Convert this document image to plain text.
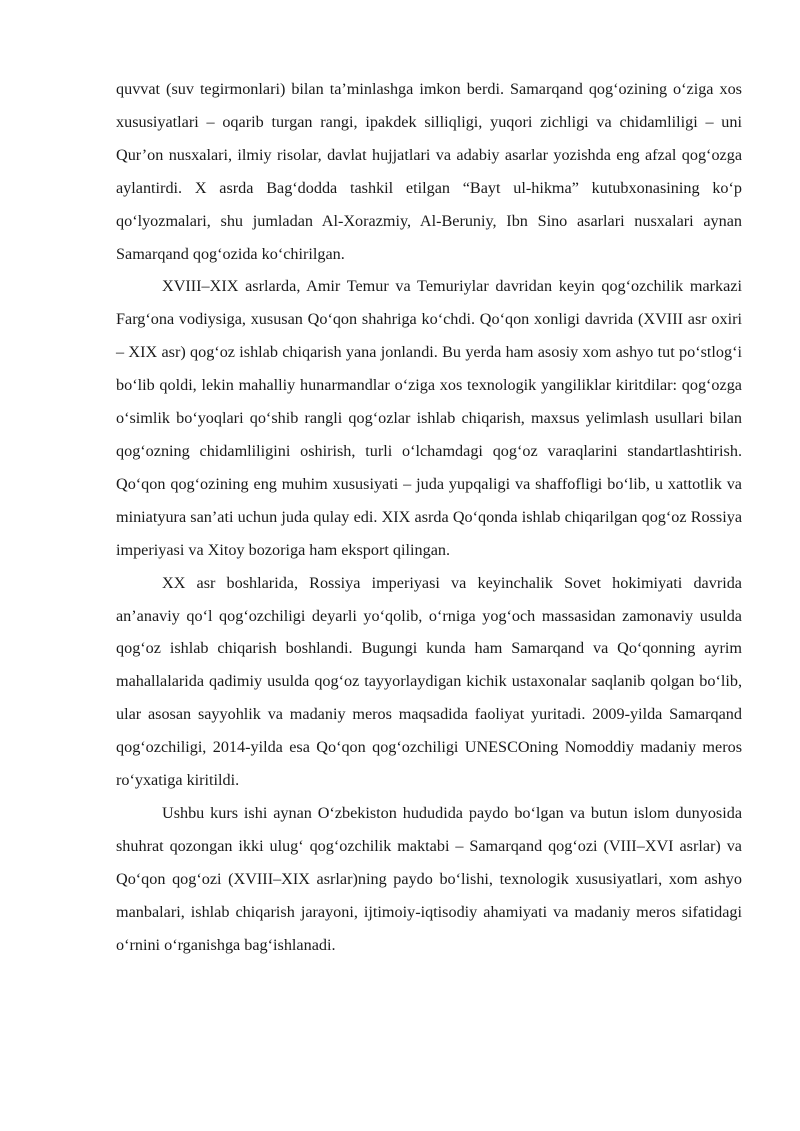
quvvat (suv tegirmonlari) bilan ta’minlashga imkon berdi. Samarqand qog‘ozining o‘ziga xos xususiyatlari – oqarib turgan rangi, ipakdek silliqligi, yuqori zichligi va chidamliligi – uni Qur’on nusxalari, ilmiy risolar, davlat hujjatlari va adabiy asarlar yozishda eng afzal qog‘ozga aylantirdi. X asrda Bag‘dodda tashkil etilgan “Bayt ul-hikma” kutubxonasining ko‘p qo‘lyozmalari, shu jumladan Al-Xorazmiy, Al-Beruniy, Ibn Sino asarlari nusxalari aynan Samarqand qog‘ozida ko‘chirilgan.

XVIII–XIX asrlarda, Amir Temur va Temuriylar davridan keyin qog‘ozchilik markazi Farg‘ona vodiysiga, xususan Qo‘qon shahriga ko‘chdi. Qo‘qon xonligi davrida (XVIII asr oxiri – XIX asr) qog‘oz ishlab chiqarish yana jonlandi. Bu yerda ham asosiy xom ashyo tut po‘stlog‘i bo‘lib qoldi, lekin mahalliy hunarmandlar o‘ziga xos texnologik yangiliklar kiritdilar: qog‘ozga o‘simlik bo‘yoqlari qo‘shib rangli qog‘ozlar ishlab chiqarish, maxsus yelimlash usullari bilan qog‘ozning chidamliligini oshirish, turli o‘lchamdagi qog‘oz varaqlarini standartlashtirish. Qo‘qon qog‘ozining eng muhim xususiyati – juda yupqaligi va shaffofligi bo‘lib, u xattotlik va miniatyura san’ati uchun juda qulay edi. XIX asrda Qo‘qonda ishlab chiqarilgan qog‘oz Rossiya imperiyasi va Xitoy bozoriga ham eksport qilingan.

XX asr boshlarida, Rossiya imperiyasi va keyinchalik Sovet hokimiyati davrida an’anaviy qo‘l qog‘ozchiligi deyarli yo‘qolib, o‘rniga yog‘och massasidan zamonaviy usulda qog‘oz ishlab chiqarish boshlandi. Bugungi kunda ham Samarqand va Qo‘qonning ayrim mahallalarida qadimiy usulda qog‘oz tayyorlaydigan kichik ustaxonalar saqlanib qolgan bo‘lib, ular asosan sayyohlik va madaniy meros maqsadida faoliyat yuritadi. 2009-yilda Samarqand qog‘ozchiligi, 2014-yilda esa Qo‘qon qog‘ozchiligi UNESCOning Nomoddiy madaniy meros ro‘yxatiga kiritildi.

Ushbu kurs ishi aynan O‘zbekiston hududida paydo bo‘lgan va butun islom dunyosida shuhrat qozongan ikki ulug‘ qog‘ozchilik maktabi – Samarqand qog‘ozi (VIII–XVI asrlar) va Qo‘qon qog‘ozi (XVIII–XIX asrlar)ning paydo bo‘lishi, texnologik xususiyatlari, xom ashyo manbalari, ishlab chiqarish jarayoni, ijtimoiy-iqtisodiy ahamiyati va madaniy meros sifatidagi o‘rnini o‘rganishga bag‘ishlanadi.
